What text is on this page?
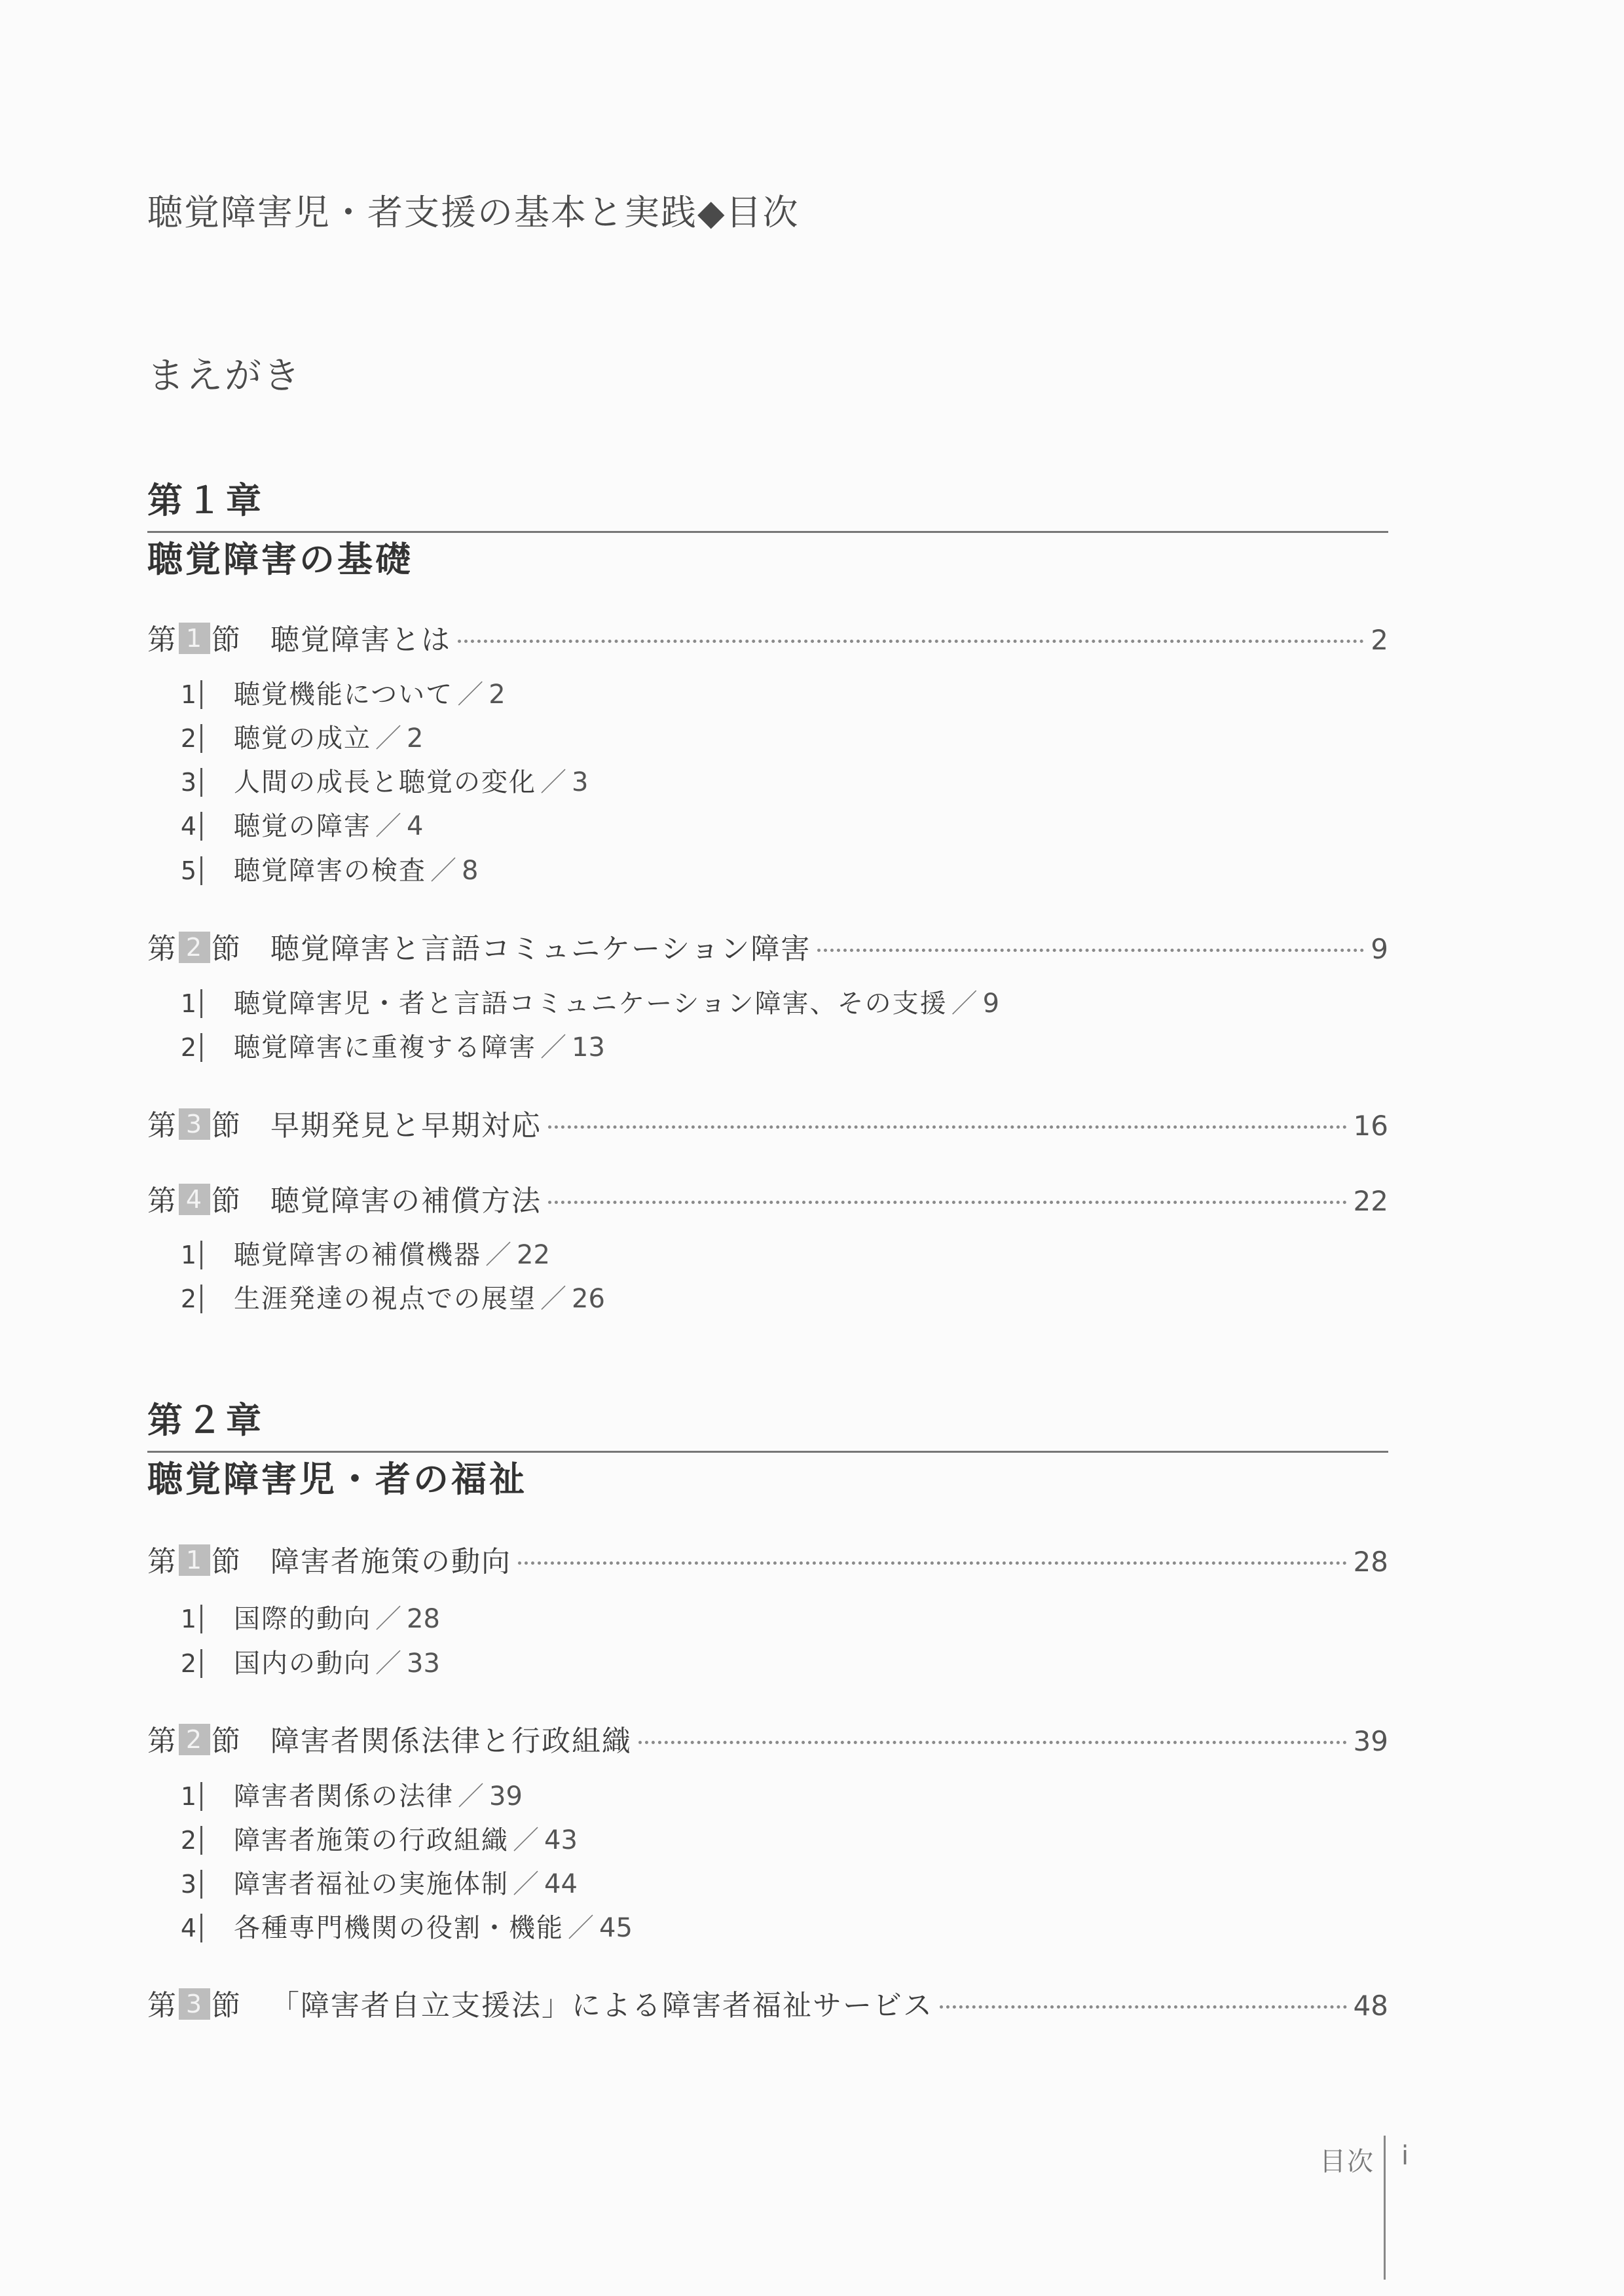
聴覚障害児・者支援の基本と実践◆目次
まえがき
第１章
聴覚障害の基礎
第 1 節 聴覚障害とは	2
1 聴覚機能について ／ 2
2 聴覚の成立 ／ 2
3 人間の成長と聴覚の変化 ／ 3
4 聴覚の障害 ／ 4
5 聴覚障害の検査 ／ 8
第 2 節 聴覚障害と言語コミュニケーション障害	9
1 聴覚障害児・者と言語コミュニケーション障害、その支援 ／ 9
2 聴覚障害に重複する障害 ／ 13
第 3 節 早期発見と早期対応	16
第 4 節 聴覚障害の補償方法	22
1 聴覚障害の補償機器 ／ 22
2 生涯発達の視点での展望 ／ 26
第２章
聴覚障害児・者の福祉
第 1 節 障害者施策の動向	28
1 国際的動向 ／ 28
2 国内の動向 ／ 33
第 2 節 障害者関係法律と行政組織	39
1 障害者関係の法律 ／ 39
2 障害者施策の行政組織 ／ 43
3 障害者福祉の実施体制 ／ 44
4 各種専門機関の役割・機能 ／ 45
第 3 節 「障害者自立支援法」による障害者福祉サービス	48
目次 i
